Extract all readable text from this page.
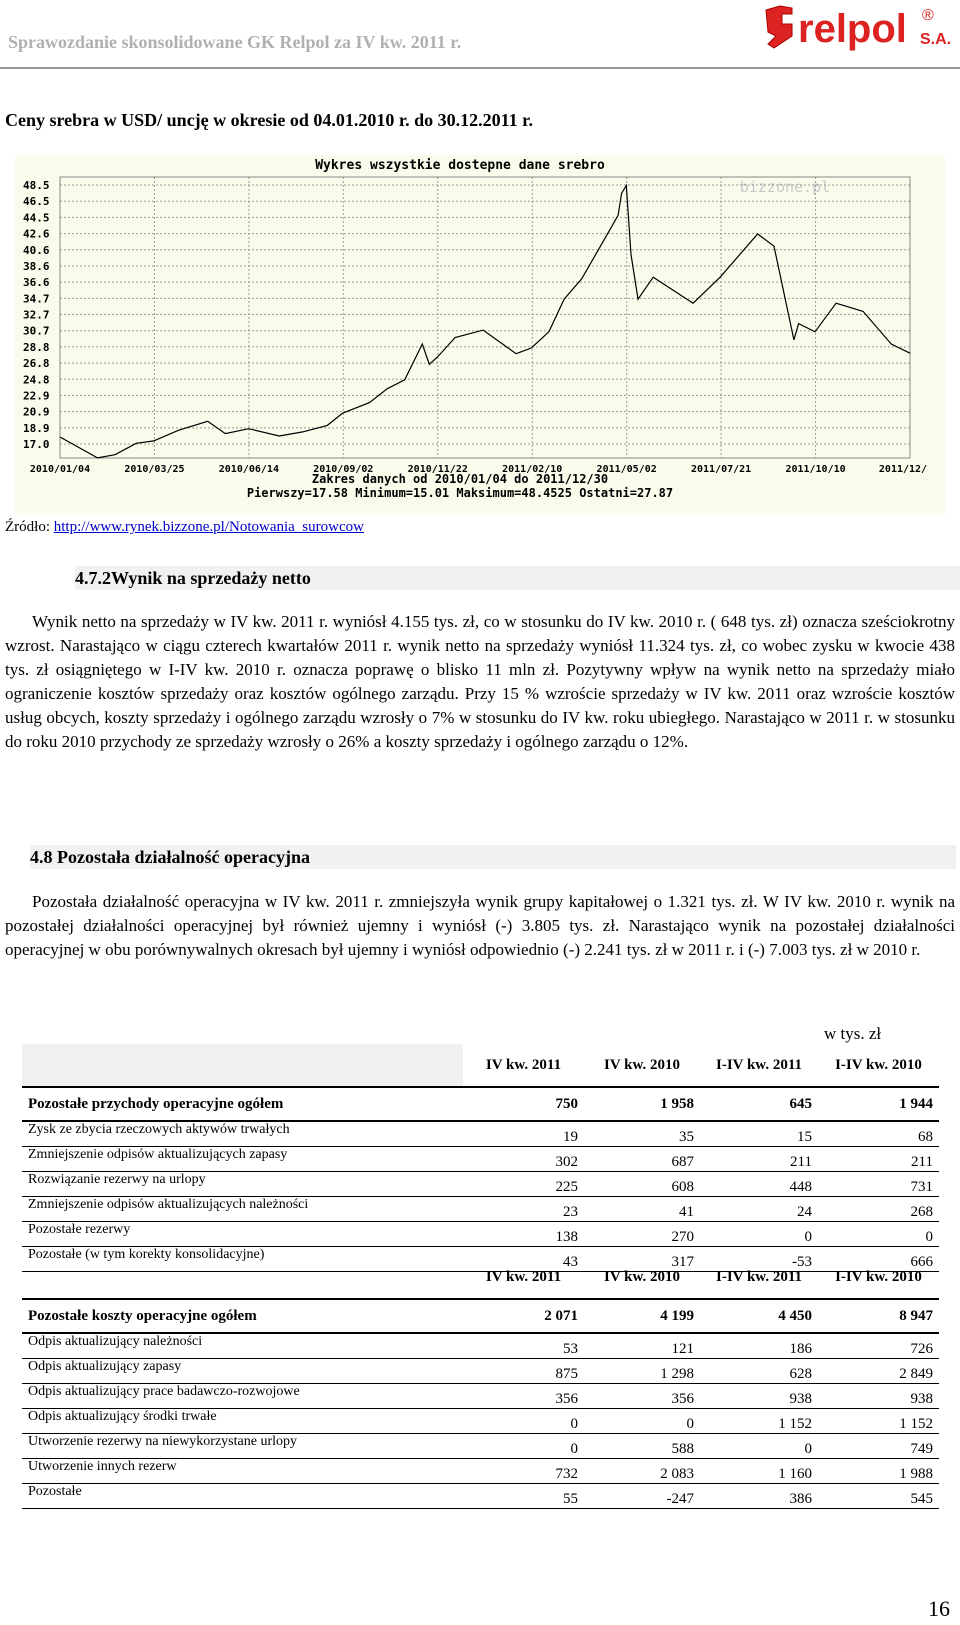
Sprawozdanie skonsolidowane GK Relpol za IV kw. 2011 r.	relpol ®
S.A.
Ceny srebra w USD/ uncję w okresie od 04.01.2010 r. do 30.12.2011 r.
Wykres wszystkie dostepne dane srebro
bizzone.pl
48.5
46.5
44.5
42.6
40.6
38.6
36.6
34.7
32.7
30.7
28.8
26.8
24.8
22.9
20.9
18.9
17.0
2010/01/04	2010/03/25	2010/06/14	2010/09/02	2010/11/22	2011/02/10	2011/05/02	2011/07/21	2011/10/10	2011/12/
Zakres danych od 2010/01/04 do 2011/12/30
Pierwszy=17.58 Minimum=15.01 Maksimum=48.4525 Ostatni=27.87
Źródło: http://www.rynek.bizzone.pl/Notowania_surowcow
4.7.2Wynik na sprzedaży netto
Wynik netto na sprzedaży w IV kw. 2011 r. wyniósł 4.155 tys. zł, co w stosunku do IV kw. 2010 r. ( 648 tys. zł) oznacza sześciokrotny wzrost. Narastająco w ciągu czterech kwartałów 2011 r. wynik netto na sprzedaży wyniósł 11.324 tys. zł, co wobec zysku w kwocie 438 tys. zł osiągniętego w I-IV kw. 2010 r. oznacza poprawę o blisko 11 mln zł. Pozytywny wpływ na wynik netto na sprzedaży miało ograniczenie kosztów sprzedaży oraz kosztów ogólnego zarządu. Przy 15 % wzroście sprzedaży w IV kw. 2011 oraz wzroście kosztów usług obcych, koszty sprzedaży i ogólnego zarządu wzrosły o 7% w stosunku do IV kw. roku ubiegłego. Narastająco w 2011 r. w stosunku do roku 2010 przychody ze sprzedaży wzrosły o 26% a koszty sprzedaży i ogólnego zarządu o 12%.
4.8 Pozostała działalność operacyjna
Pozostała działalność operacyjna w IV kw. 2011 r. zmniejszyła wynik grupy kapitałowej o 1.321 tys. zł. W IV kw. 2010 r. wynik na pozostałej działalności operacyjnej był również ujemny i wyniósł (-) 3.805 tys. zł. Narastająco wynik na pozostałej działalności operacyjnej w obu porównywalnych okresach był ujemny i wyniósł odpowiednio (-) 2.241 tys. zł w 2011 r. i (-) 7.003 tys. zł w 2010 r.
w tys. zł
	IV kw. 2011	IV kw. 2010	I-IV kw. 2011	I-IV kw. 2010
Pozostałe przychody operacyjne ogółem	750	1 958	645	1 944
Zysk ze zbycia rzeczowych aktywów trwałych	19	35	15	68
Zmniejszenie odpisów aktualizujących zapasy	302	687	211	211
Rozwiązanie rezerwy na urlopy	225	608	448	731
Zmniejszenie odpisów aktualizujących należności	23	41	24	268
Pozostałe rezerwy	138	270	0	0
Pozostałe (w tym korekty konsolidacyjne)	43	317	-53	666
	IV kw. 2011	IV kw. 2010	I-IV kw. 2011	I-IV kw. 2010
Pozostałe koszty operacyjne ogółem	2 071	4 199	4 450	8 947
Odpis aktualizujący należności	53	121	186	726
Odpis aktualizujący zapasy	875	1 298	628	2 849
Odpis aktualizujący prace badawczo-rozwojowe	356	356	938	938
Odpis aktualizujący środki trwałe	0	0	1 152	1 152
Utworzenie rezerwy na niewykorzystane urlopy	0	588	0	749
Utworzenie innych rezerw	732	2 083	1 160	1 988
Pozostałe	55	-247	386	545
16
